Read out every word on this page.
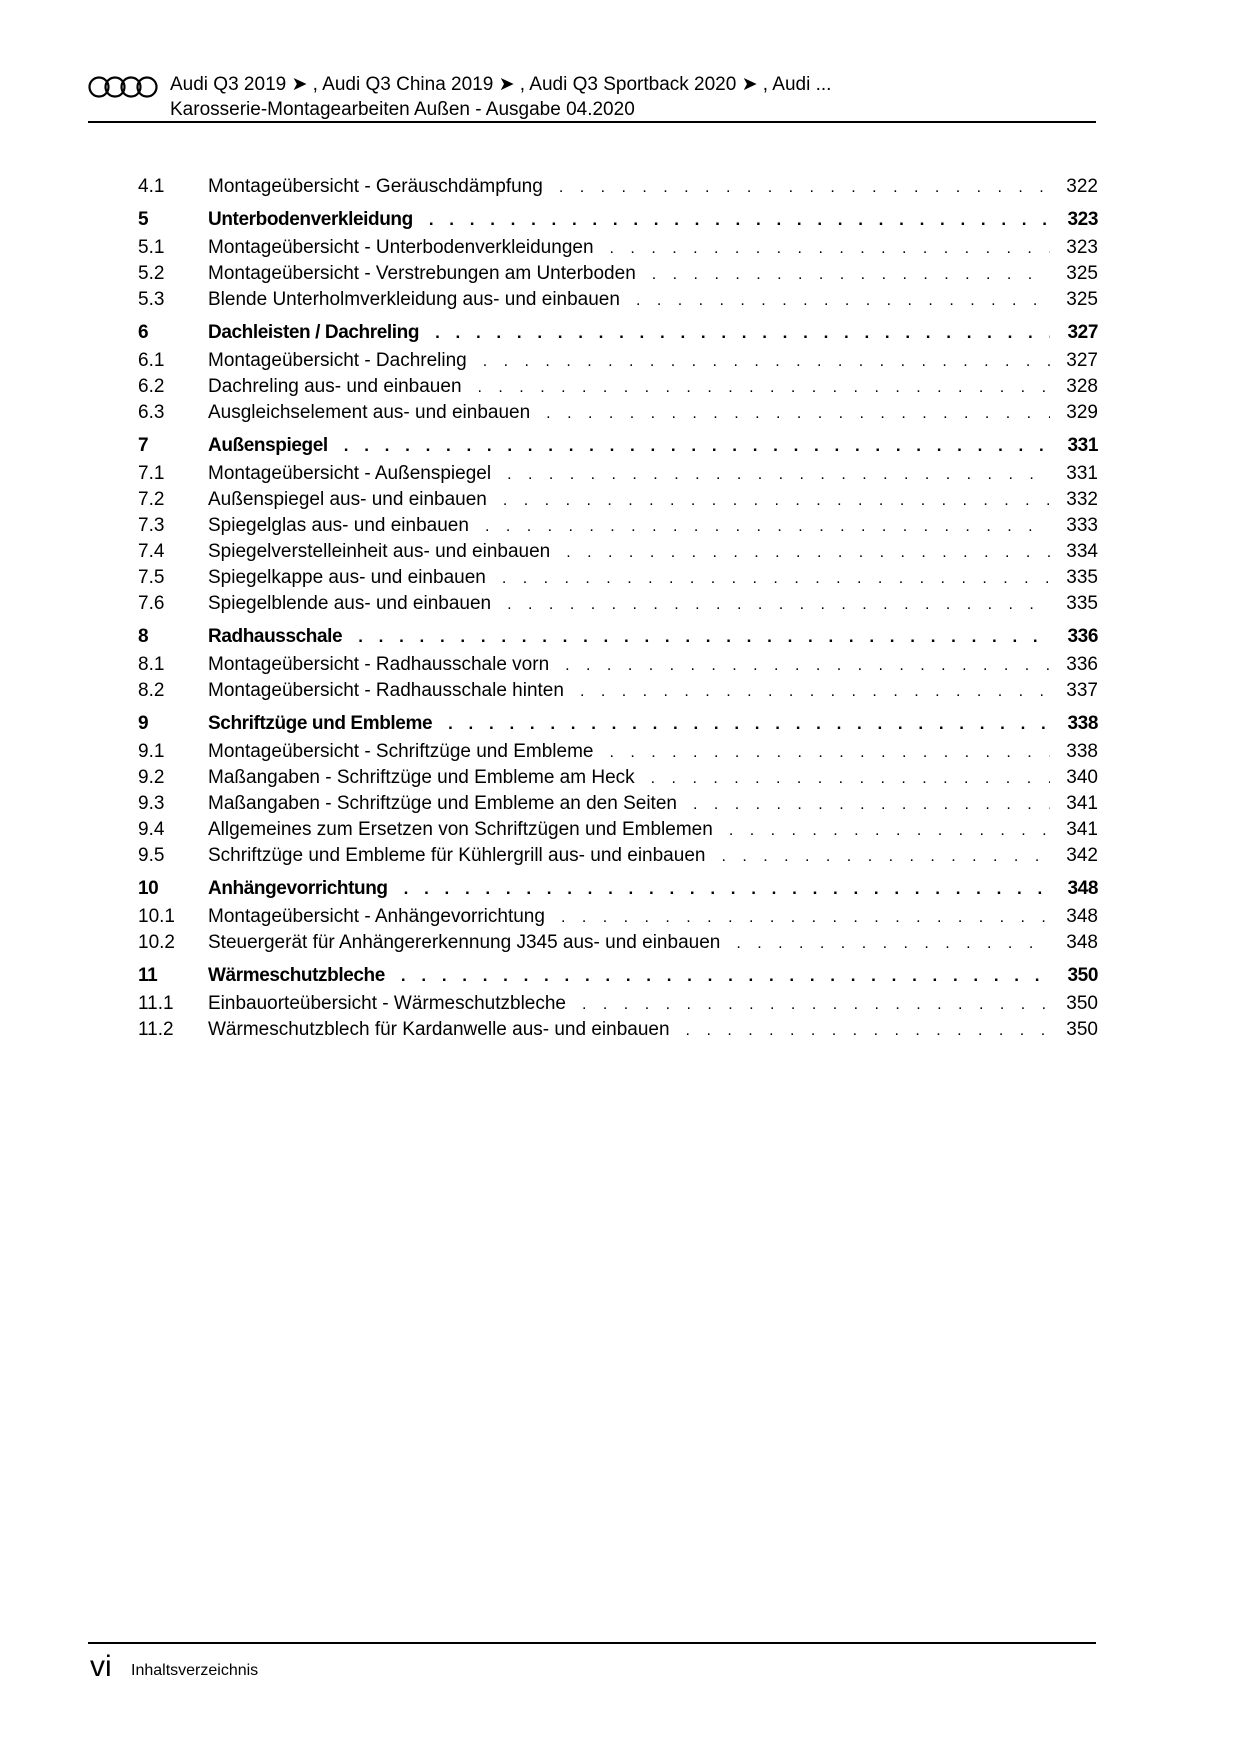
Audi Q3 2019 ➤ , Audi Q3 China 2019 ➤ , Audi Q3 Sportback 2020 ➤ , Audi ...
Karosserie-Montagearbeiten Außen - Ausgabe 04.2020
4.1	Montageübersicht - Geräuschdämpfung . . .	322
5	Unterbodenverkleidung . . .	323
5.1	Montageübersicht - Unterbodenverkleidungen . . .	323
5.2	Montageübersicht - Verstrebungen am Unterboden . . .	325
5.3	Blende Unterholmverkleidung aus- und einbauen . . .	325
6	Dachleisten / Dachreling . . .	327
6.1	Montageübersicht - Dachreling . . .	327
6.2	Dachreling aus- und einbauen . . .	328
6.3	Ausgleichselement aus- und einbauen . . .	329
7	Außenspiegel . . .	331
7.1	Montageübersicht - Außenspiegel . . .	331
7.2	Außenspiegel aus- und einbauen . . .	332
7.3	Spiegelglas aus- und einbauen . . .	333
7.4	Spiegelverstelleinheit aus- und einbauen . . .	334
7.5	Spiegelkappe aus- und einbauen . . .	335
7.6	Spiegelblende aus- und einbauen . . .	335
8	Radhausschale . . .	336
8.1	Montageübersicht - Radhausschale vorn . . .	336
8.2	Montageübersicht - Radhausschale hinten . . .	337
9	Schriftzüge und Embleme . . .	338
9.1	Montageübersicht - Schriftzüge und Embleme . . .	338
9.2	Maßangaben - Schriftzüge und Embleme am Heck . . .	340
9.3	Maßangaben - Schriftzüge und Embleme an den Seiten . . .	341
9.4	Allgemeines zum Ersetzen von Schriftzügen und Emblemen . . .	341
9.5	Schriftzüge und Embleme für Kühlergrill aus- und einbauen . . .	342
10	Anhängevorrichtung . . .	348
10.1	Montageübersicht - Anhängevorrichtung . . .	348
10.2	Steuergerät für Anhängererkennung J345 aus- und einbauen . . .	348
11	Wärmeschutzbleche . . .	350
11.1	Einbauorteübersicht - Wärmeschutzbleche . . .	350
11.2	Wärmeschutzblech für Kardanwelle aus- und einbauen . . .	350
vi Inhaltsverzeichnis
